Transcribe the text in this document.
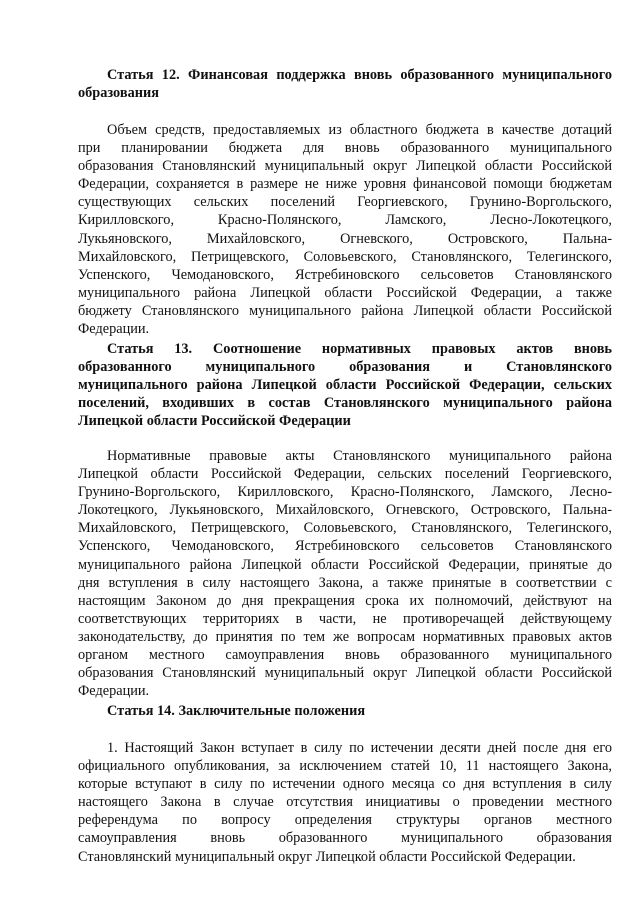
Статья 12. Финансовая поддержка вновь образованного муниципального
образования
Объем средств, предоставляемых из областного бюджета в качестве дотаций
при планировании бюджета для вновь образованного муниципального
образования Становлянский муниципальный округ Липецкой области Российской
Федерации, сохраняется в размере не ниже уровня финансовой помощи бюджетам
существующих сельских поселений Георгиевского, Грунино-Воргольского,
Кирилловского, Красно-Полянского, Ламского, Лесно-Локотецкого,
Лукьяновского, Михайловского, Огневского, Островского, Пальна-
Михайловского, Петрищевского, Соловьевского, Становлянского, Телегинского,
Успенского, Чемодановского, Ястребиновского сельсоветов Становлянского
муниципального района Липецкой области Российской Федерации, а также
бюджету Становлянского муниципального района Липецкой области Российской
Федерации.
Статья 13. Соотношение нормативных правовых актов вновь
образованного муниципального образования и Становлянского
муниципального района Липецкой области Российской Федерации, сельских
поселений, входивших в состав Становлянского муниципального района
Липецкой области Российской Федерации
Нормативные правовые акты Становлянского муниципального района
Липецкой области Российской Федерации, сельских поселений Георгиевского,
Грунино-Воргольского, Кирилловского, Красно-Полянского, Ламского, Лесно-
Локотецкого, Лукьяновского, Михайловского, Огневского, Островского, Пальна-
Михайловского, Петрищевского, Соловьевского, Становлянского, Телегинского,
Успенского, Чемодановского, Ястребиновского сельсоветов Становлянского
муниципального района Липецкой области Российской Федерации, принятые до
дня вступления в силу настоящего Закона, а также принятые в соответствии с
настоящим Законом до дня прекращения срока их полномочий, действуют на
соответствующих территориях в части, не противоречащей действующему
законодательству, до принятия по тем же вопросам нормативных правовых актов
органом местного самоуправления вновь образованного муниципального
образования Становлянский муниципальный округ Липецкой области Российской
Федерации.
Статья 14. Заключительные положения
1. Настоящий Закон вступает в силу по истечении десяти дней после дня его
официального опубликования, за исключением статей 10, 11 настоящего Закона,
которые вступают в силу по истечении одного месяца со дня вступления в силу
настоящего Закона в случае отсутствия инициативы о проведении местного
референдума по вопросу определения структуры органов местного
самоуправления вновь образованного муниципального образования
Становлянский муниципальный округ Липецкой области Российской Федерации.
